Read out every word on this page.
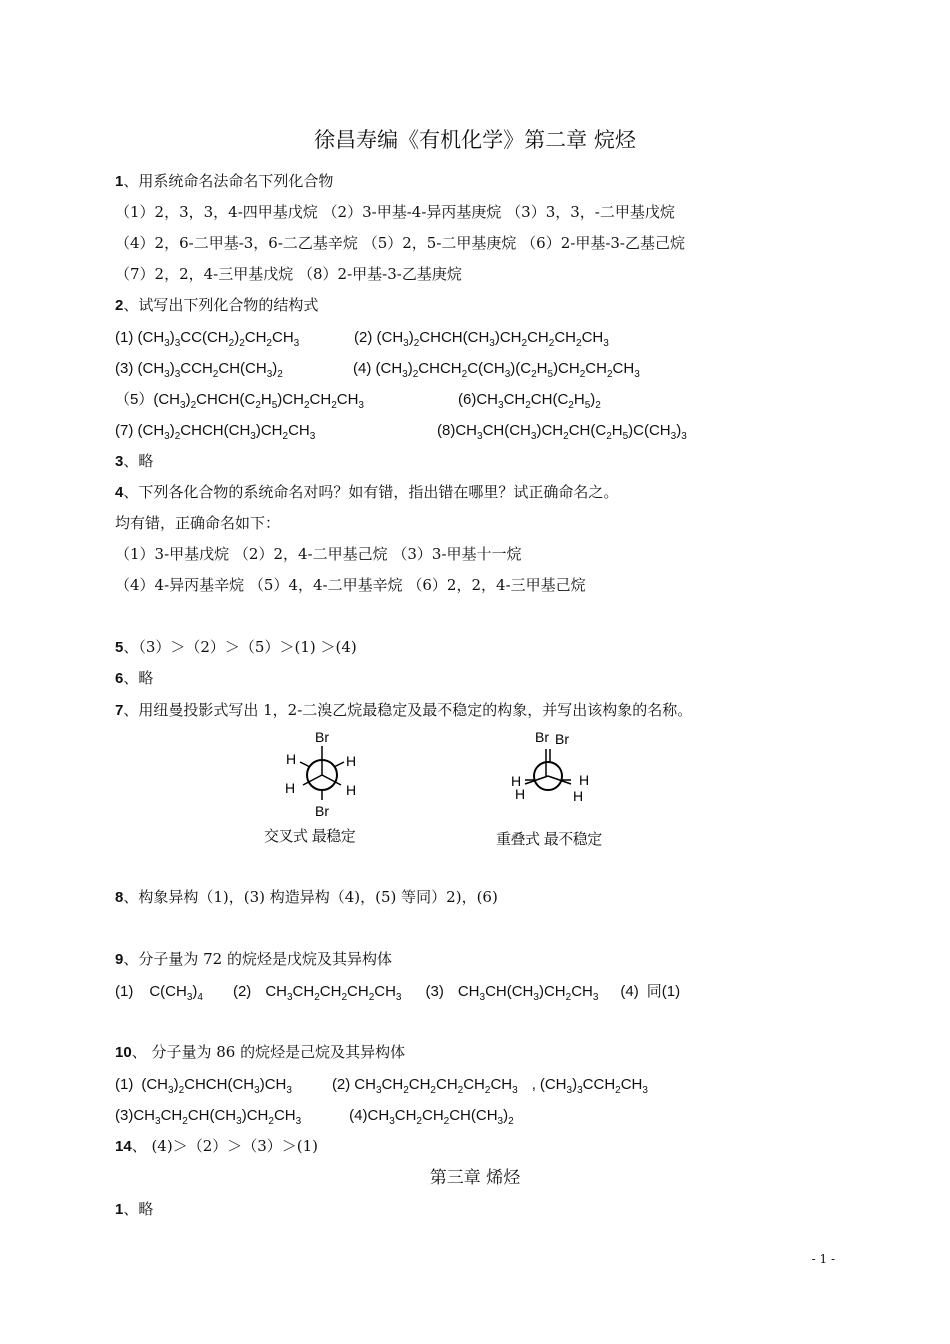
徐昌寿编《有机化学》第二章 烷烃
1、用系统命名法命名下列化合物
（1）2，3，3，4-四甲基戊烷 （2）3-甲基-4-异丙基庚烷 （3）3，3，-二甲基戊烷
（4）2，6-二甲基-3，6-二乙基辛烷 （5）2，5-二甲基庚烷 （6）2-甲基-3-乙基己烷
（7）2，2，4-三甲基戊烷 （8）2-甲基-3-乙基庚烷
2、试写出下列化合物的结构式
(1) $(CH_3)_3CC(CH_2)_2CH_2CH_3$	(2) $(CH_3)_2CHCH(CH_3)CH_2CH_2CH_2CH_3$
(3) $(CH_3)_3CCH_2CH(CH_3)_2$	(4) $(CH_3)_2CHCH_2C(CH_3)(C_2H_5)CH_2CH_2CH_3$
$(5)(CH_3)_2CHCH(C_2H_5)CH_2CH_2CH_3$	$(6)CH_3CH_2CH(C_2H_5)_2$
(7) $(CH_3)_2CHCH(CH_3)CH_2CH_3$	$(8)CH_3CH(CH_3)CH_2CH(C_2H_5)C(CH_3)_3$
3、略
4、下列各化合物的系统命名对吗？如有错，指出错在哪里？试正确命名之。
均有错，正确命名如下：
（1）3-甲基戊烷 （2）2，4-二甲基己烷 （3）3-甲基十一烷
（4）4-异丙基辛烷 （5）4，4-二甲基辛烷 （6）2，2，4-三甲基己烷
5、（3）＞（2）＞（5）＞(1) ＞(4)
6、略
7、用纽曼投影式写出 1，2-二溴乙烷最稳定及最不稳定的构象，并写出该构象的名称。
Br
H	H
H	H
Br
交叉式 最稳定
Br Br
H
H
H
H
重叠式 最不稳定
8、构象异构（1)，(3) 构造异构（4)，(5) 等同）2)，(6)
9、分子量为 72 的烷烃是戊烷及其异构体
(1) $C(CH_3)_4$ (2) $CH_3CH_2CH_2CH_2CH_3$ (3) $CH_3CH(CH_3)CH_2CH_3$ (4) 同(1)
10、 分子量为 86 的烷烃是己烷及其异构体
(1) $(CH_3)_2CHCH(CH_3)CH_3$	(2) $CH_3CH_2CH_2CH_2CH_2CH_3$ , $(CH_3)_3CCH_2CH_3$
$(3)CH_3CH_2CH(CH_3)CH_2CH_3$	$(4)CH_3CH_2CH_2CH(CH_3)_2$
14、 (4)＞（2）＞（3）＞(1)
第三章 烯烃
1、略
- 1 -
